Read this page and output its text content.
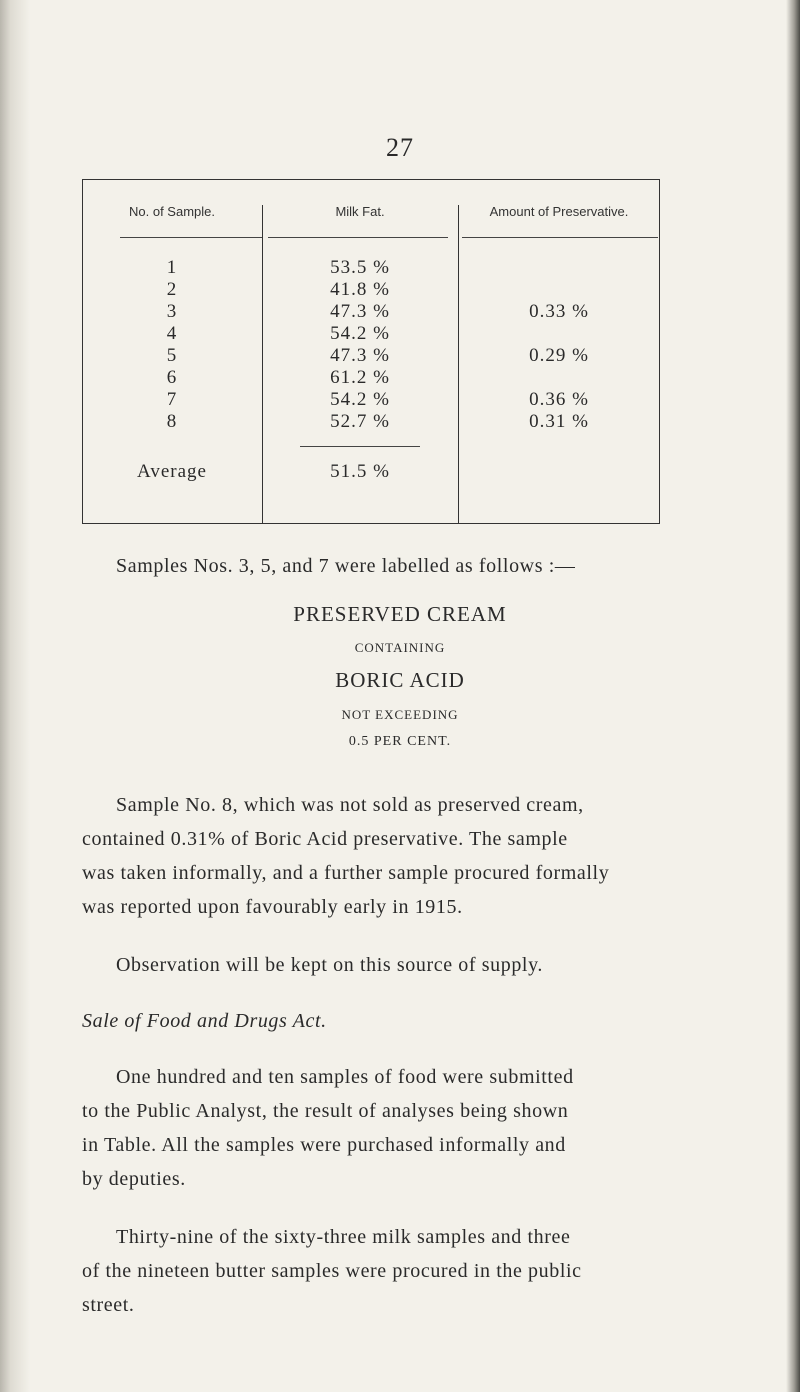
27
No. of Sample.	Milk Fat.	Amount of Preservative.
1	53.5 %
2	41.8 %
3	47.3 %	0.33 %
4	54.2 %
5	47.3 %	0.29 %
6	61.2 %
7	54.2 %	0.36 %
8	52.7 %	0.31 %
Average	51.5 %
Samples Nos. 3, 5, and 7 were labelled as follows :—
PRESERVED CREAM
CONTAINING
BORIC ACID
NOT EXCEEDING
0.5 PER CENT.
Sample No. 8, which was not sold as preserved cream,
contained 0.31% of Boric Acid preservative. The sample
was taken informally, and a further sample procured formally
was reported upon favourably early in 1915.
Observation will be kept on this source of supply.
Sale of Food and Drugs Act.
One hundred and ten samples of food were submitted
to the Public Analyst, the result of analyses being shown
in Table. All the samples were purchased informally and
by deputies.
Thirty-nine of the sixty-three milk samples and three
of the nineteen butter samples were procured in the public
street.
